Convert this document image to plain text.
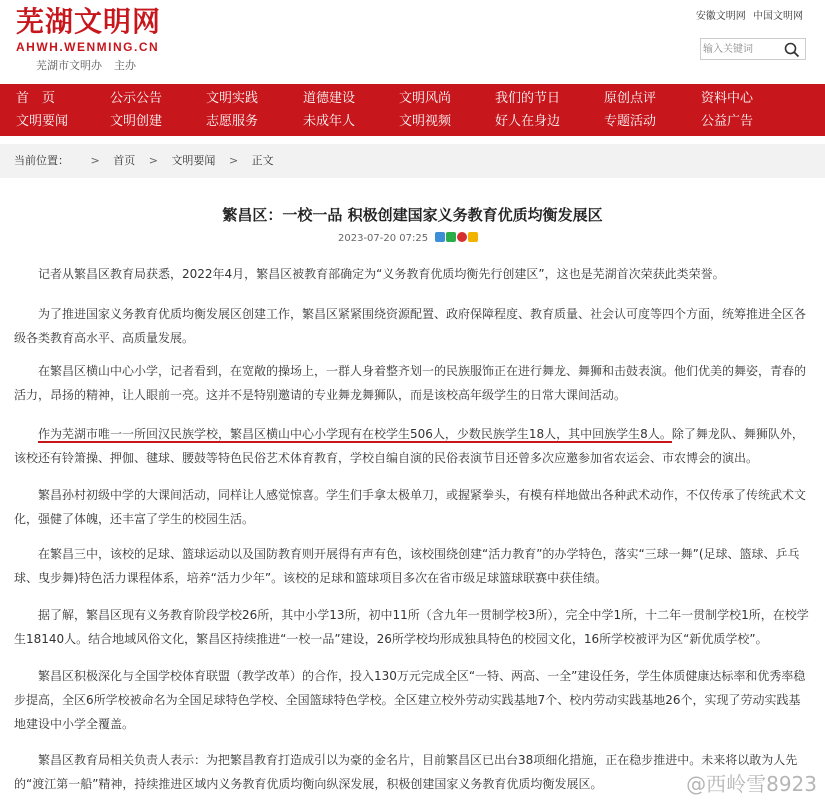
芜湖文明网
AHWH.WENMING.CN
芜湖市文明办 主办
安徽文明网 中国文明网
输入关键词
首　页	公示公告	文明实践	道德建设	文明风尚	我们的节日	原创点评	资料中心
文明要闻	文明创建	志愿服务	未成年人	文明视频	好人在身边	专题活动	公益广告
当前位置： > 首页 > 文明要闻 > 正文
繁昌区：一校一品 积极创建国家义务教育优质均衡发展区
2023-07-20 07:25
记者从繁昌区教育局获悉，2022年4月，繁昌区被教育部确定为“义务教育优质均衡先行创建区”，这也是芜湖首次荣获此类荣誉。
为了推进国家义务教育优质均衡发展区创建工作，繁昌区紧紧围绕资源配置、政府保障程度、教育质量、社会认可度等四个方面，统筹推进全区各级各类教育高水平、高质量发展。
在繁昌区横山中心小学，记者看到，在宽敞的操场上，一群人身着整齐划一的民族服饰正在进行舞龙、舞狮和击鼓表演。他们优美的舞姿，青春的活力，昂扬的精神，让人眼前一亮。这并不是特别邀请的专业舞龙舞狮队，而是该校高年级学生的日常大课间活动。
作为芜湖市唯一一所回汉民族学校，繁昌区横山中心小学现有在校学生506人，少数民族学生18人，其中回族学生8人。除了舞龙队、舞狮队外，该校还有铃箫操、押伽、毽球、腰鼓等特色民俗艺术体育教育，学校自编自演的民俗表演节目还曾多次应邀参加省农运会、市农博会的演出。
繁昌孙村初级中学的大课间活动，同样让人感觉惊喜。学生们手拿太极单刀，或握紧拳头，有模有样地做出各种武术动作，不仅传承了传统武术文化，强健了体魄，还丰富了学生的校园生活。
在繁昌三中，该校的足球、篮球运动以及国防教育则开展得有声有色，该校围绕创建“活力教育”的办学特色，落实“三球一舞”(足球、篮球、乒乓球、曳步舞)特色活力课程体系，培养“活力少年”。该校的足球和篮球项目多次在省市级足球篮球联赛中获佳绩。
据了解，繁昌区现有义务教育阶段学校26所，其中小学13所，初中11所（含九年一贯制学校3所），完全中学1所，十二年一贯制学校1所，在校学生18140人。结合地域风俗文化，繁昌区持续推进“一校一品”建设，26所学校均形成独具特色的校园文化，16所学校被评为区“新优质学校”。
繁昌区积极深化与全国学校体育联盟（教学改革）的合作，投入130万元完成全区“一特、两高、一全”建设任务，学生体质健康达标率和优秀率稳步提高，全区6所学校被命名为全国足球特色学校、全国篮球特色学校。全区建立校外劳动实践基地7个、校内劳动实践基地26个，实现了劳动实践基地建设中小学全覆盖。
繁昌区教育局相关负责人表示：为把繁昌教育打造成引以为豪的金名片，目前繁昌区已出台38项细化措施，正在稳步推进中。未来将以敢为人先的“渡江第一船”精神，持续推进区域内义务教育优质均衡向纵深发展，积极创建国家义务教育优质均衡发展区。	@西岭雪8923
